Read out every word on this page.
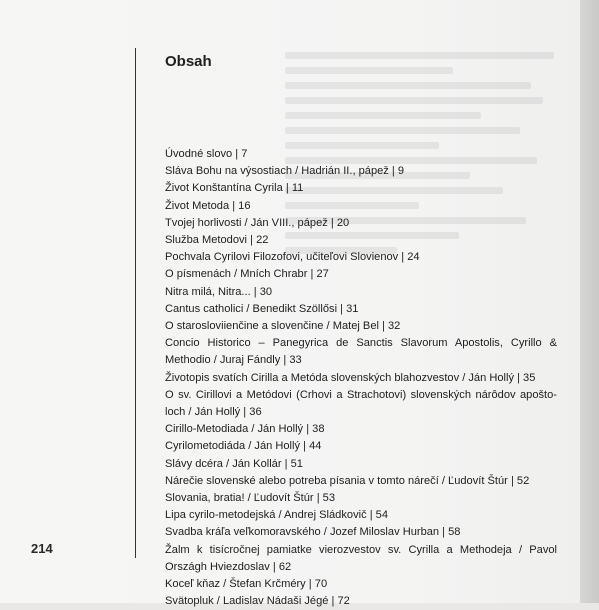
214
Obsah

Úvodné slovo | 7

Sláva Bohu na výsostiach / Hadrián II., pápež | 9

Život Konštantína Cyrila | 11

Život Metoda | 16

Tvojej horlivosti / Ján VIII., pápež | 20

Služba Metodovi | 22

Pochvala Cyrilovi Filozofovi, učiteľovi Slovienov | 24

O písmenách / Mních Chrabr | 27

Nitra milá, Nitra... | 30

Cantus catholici / Benedikt Szöllősi | 31

O starosloviienčine a slovenčine / Matej Bel | 32

Concio Historico – Panegyrica de Sanctis Slavorum Apostolis, Cyrillo & Methodio / Juraj Fándly | 33

Životopis svatích Cirilla a Metóda slovenských blahozvestov / Ján Hollý | 35

O sv. Cirillovi a Metódovi (Crhovi a Strachotovi) slovenských nárôdov apoštoloch / Ján Hollý | 36

Cirillo-Metodiada / Ján Hollý | 38

Cyrilometodiáda / Ján Hollý | 44

Slávy dcéra / Ján Kollár | 51

Nárečie slovenské alebo potreba písania v tomto nárečí / Ľudovít Štúr | 52

Slovania, bratia! / Ľudovít Štúr | 53

Lipa cyrilo-metodejská / Andrej Sládkovič | 54

Svadba kráľa veľkomoravského / Jozef Miloslav Hurban | 58

Žalm k tisícročnej pamiatke vierozvestov sv. Cyrilla a Methodeja / Pavol Országh Hviezdoslav | 62

Koceľ kňaz / Štefan Krčméry | 70

Svätopluk / Ladislav Nádaši Jégé | 72
